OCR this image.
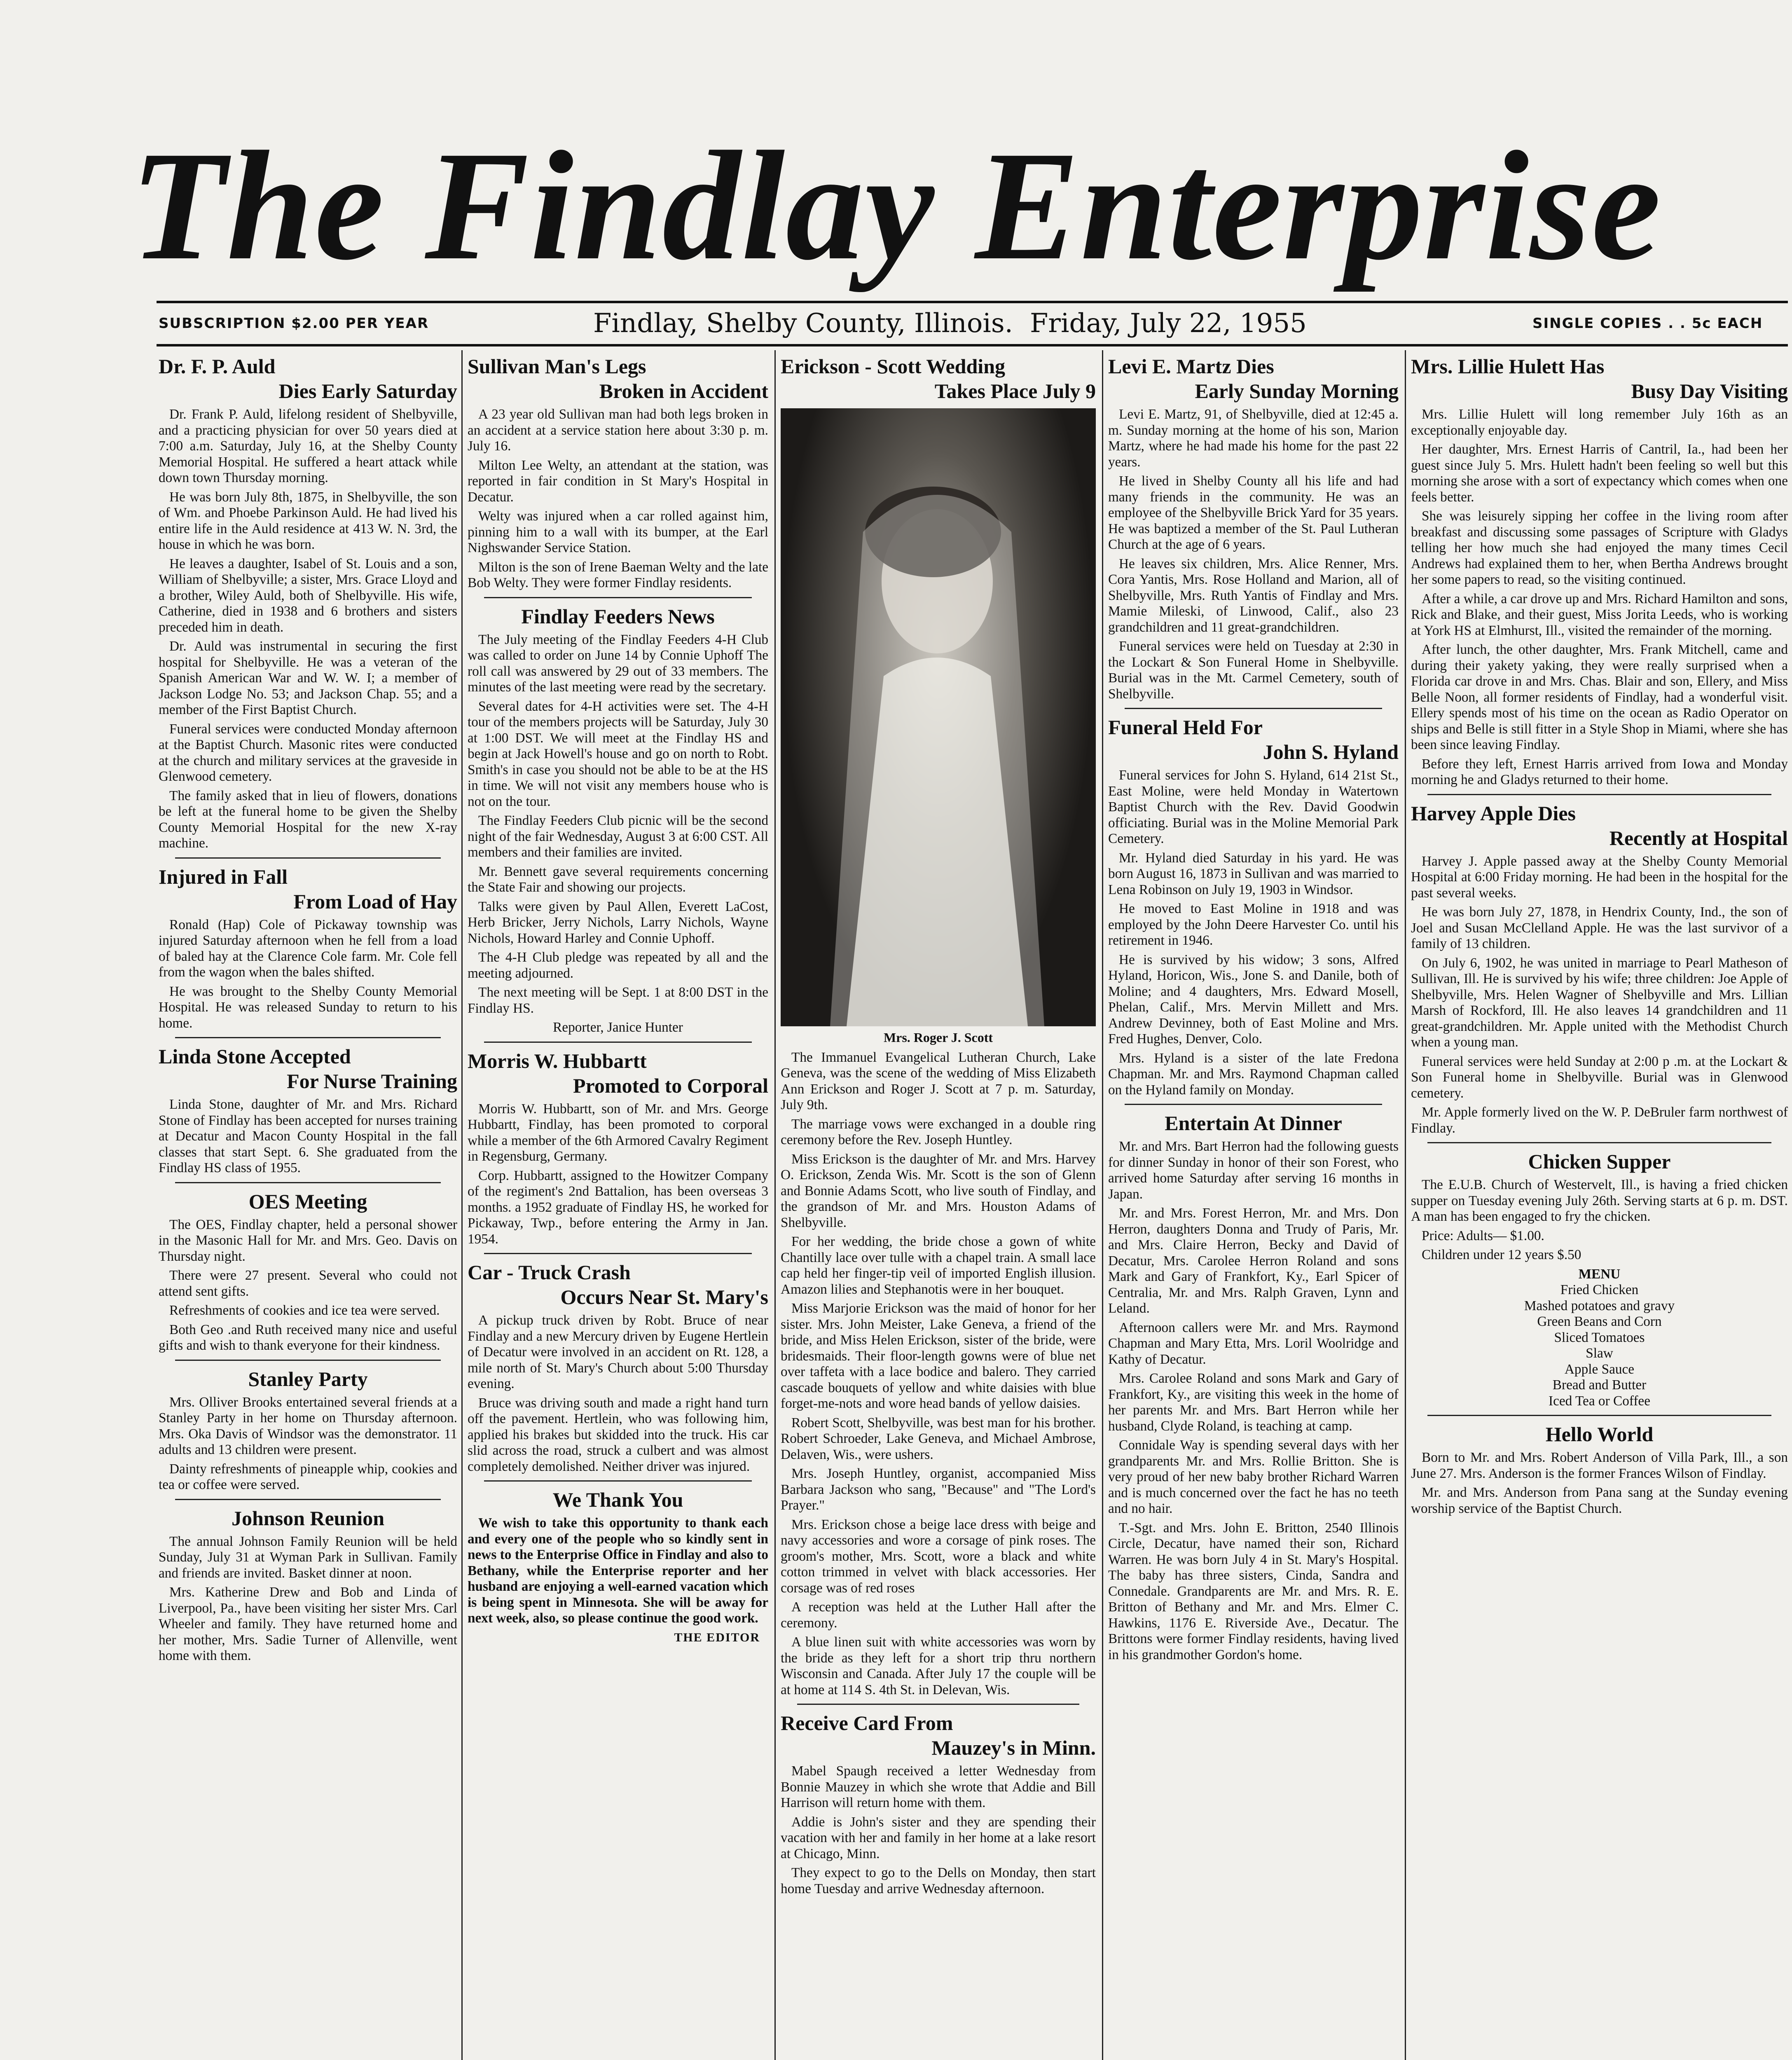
The Findlay Enterprise
SUBSCRIPTION $2.00 PER YEAR	Findlay, Shelby County, Illinois. Friday, July 22, 1955	SINGLE COPIES . . 5c EACH
Dr. F. P. Auld
Dies Early Saturday

Dr. Frank P. Auld, lifelong resident of Shelbyville, and a practicing physician for over 50 years died at 7:00 a.m. Saturday, July 16, at the Shelby County Memorial Hospital. He suffered a heart attack while down town Thursday morning.

He was born July 8th, 1875, in Shelbyville, the son of Wm. and Phoebe Parkinson Auld. He had lived his entire life in the Auld residence at 413 W. N. 3rd, the house in which he was born.

He leaves a daughter, Isabel of St. Louis and a son, William of Shelbyville; a sister, Mrs. Grace Lloyd and a brother, Wiley Auld, both of Shelbyville. His wife, Catherine, died in 1938 and 6 brothers and sisters preceded him in death.

Dr. Auld was instrumental in securing the first hospital for Shelbyville. He was a veteran of the Spanish American War and W. W. I; a member of Jackson Lodge No. 53; and Jackson Chap. 55; and a member of the First Baptist Church.

Funeral services were conducted Monday afternoon at the Baptist Church. Masonic rites were conducted at the church and military services at the graveside in Glenwood cemetery.

The family asked that in lieu of flowers, donations be left at the funeral home to be given the Shelby County Memorial Hospital for the new X-ray machine.

Injured in Fall
From Load of Hay

Ronald (Hap) Cole of Pickaway township was injured Saturday afternoon when he fell from a load of baled hay at the Clarence Cole farm. Mr. Cole fell from the wagon when the bales shifted.

He was brought to the Shelby County Memorial Hospital. He was released Sunday to return to his home.

Linda Stone Accepted
For Nurse Training

Linda Stone, daughter of Mr. and Mrs. Richard Stone of Findlay has been accepted for nurses training at Decatur and Macon County Hospital in the fall classes that start Sept. 6. She graduated from the Findlay HS class of 1955.

OES Meeting

The OES, Findlay chapter, held a personal shower in the Masonic Hall for Mr. and Mrs. Geo. Davis on Thursday night.

There were 27 present. Several who could not attend sent gifts.

Refreshments of cookies and ice tea were served.

Both Geo .and Ruth received many nice and useful gifts and wish to thank everyone for their kindness.

Stanley Party

Mrs. Olliver Brooks entertained several friends at a Stanley Party in her home on Thursday afternoon. Mrs. Oka Davis of Windsor was the demonstrator. 11 adults and 13 children were present.

Dainty refreshments of pineapple whip, cookies and tea or coffee were served.

Johnson Reunion

The annual Johnson Family Reunion will be held Sunday, July 31 at Wyman Park in Sullivan. Family and friends are invited. Basket dinner at noon.

Mrs. Katherine Drew and Bob and Linda of Liverpool, Pa., have been visiting her sister Mrs. Carl Wheeler and family. They have returned home and her mother, Mrs. Sadie Turner of Allenville, went home with them.

Sullivan Man's Legs
Broken in Accident

A 23 year old Sullivan man had both legs broken in an accident at a service station here about 3:30 p. m. July 16.

Milton Lee Welty, an attendant at the station, was reported in fair condition in St Mary's Hospital in Decatur.

Welty was injured when a car rolled against him, pinning him to a wall with its bumper, at the Earl Nighswander Service Station.

Milton is the son of Irene Baeman Welty and the late Bob Welty. They were former Findlay residents.

Findlay Feeders News

The July meeting of the Findlay Feeders 4-H Club was called to order on June 14 by Connie Uphoff The roll call was answered by 29 out of 33 members. The minutes of the last meeting were read by the secretary.

Several dates for 4-H activities were set. The 4-H tour of the members projects will be Saturday, July 30 at 1:00 DST. We will meet at the Findlay HS and begin at Jack Howell's house and go on north to Robt. Smith's in case you should not be able to be at the HS in time. We will not visit any members house who is not on the tour.

The Findlay Feeders Club picnic will be the second night of the fair Wednesday, August 3 at 6:00 CST. All members and their families are invited.

Mr. Bennett gave several requirements concerning the State Fair and showing our projects.

Talks were given by Paul Allen, Everett LaCost, Herb Bricker, Jerry Nichols, Larry Nichols, Wayne Nichols, Howard Harley and Connie Uphoff.

The 4-H Club pledge was repeated by all and the meeting adjourned.

The next meeting will be Sept. 1 at 8:00 DST in the Findlay HS.

Reporter, Janice Hunter

Morris W. Hubbartt
Promoted to Corporal

Morris W. Hubbartt, son of Mr. and Mrs. George Hubbartt, Findlay, has been promoted to corporal while a member of the 6th Armored Cavalry Regiment in Regensburg, Germany.

Corp. Hubbartt, assigned to the Howitzer Company of the regiment's 2nd Battalion, has been overseas 3 months. a 1952 graduate of Findlay HS, he worked for Pickaway, Twp., before entering the Army in Jan. 1954.

Car - Truck Crash
Occurs Near St. Mary's

A pickup truck driven by Robt. Bruce of near Findlay and a new Mercury driven by Eugene Hertlein of Decatur were involved in an accident on Rt. 128, a mile north of St. Mary's Church about 5:00 Thursday evening.

Bruce was driving south and made a right hand turn off the pavement. Hertlein, who was following him, applied his brakes but skidded into the truck. His car slid across the road, struck a culbert and was almost completely demolished. Neither driver was injured.

We Thank You

We wish to take this opportunity to thank each and every one of the people who so kindly sent in news to the Enterprise Office in Findlay and also to Bethany, while the Enterprise reporter and her husband are enjoying a well-earned vacation which is being spent in Minnesota. She will be away for next week, also, so please continue the good work.

THE EDITOR
Erickson - Scott Wedding
Takes Place July 9
Mrs. Roger J. Scott

The Immanuel Evangelical Lutheran Church, Lake Geneva, was the scene of the wedding of Miss Elizabeth Ann Erickson and Roger J. Scott at 7 p. m. Saturday, July 9th.

The marriage vows were exchanged in a double ring ceremony before the Rev. Joseph Huntley.

Miss Erickson is the daughter of Mr. and Mrs. Harvey O. Erickson, Zenda Wis. Mr. Scott is the son of Glenn and Bonnie Adams Scott, who live south of Findlay, and the grandson of Mr. and Mrs. Houston Adams of Shelbyville.

For her wedding, the bride chose a gown of white Chantilly lace over tulle with a chapel train. A small lace cap held her finger-tip veil of imported English illusion. Amazon lilies and Stephanotis were in her bouquet.

Miss Marjorie Erickson was the maid of honor for her sister. Mrs. John Meister, Lake Geneva, a friend of the bride, and Miss Helen Erickson, sister of the bride, were bridesmaids. Their floor-length gowns were of blue net over taffeta with a lace bodice and balero. They carried cascade bouquets of yellow and white daisies with blue forget-me-nots and wore head bands of yellow daisies.

Robert Scott, Shelbyville, was best man for his brother. Robert Schroeder, Lake Geneva, and Michael Ambrose, Delaven, Wis., were ushers.

Mrs. Joseph Huntley, organist, accompanied Miss Barbara Jackson who sang, "Because" and "The Lord's Prayer."

Mrs. Erickson chose a beige lace dress with beige and navy accessories and wore a corsage of pink roses. The groom's mother, Mrs. Scott, wore a black and white cotton trimmed in velvet with black accessories. Her corsage was of red roses

A reception was held at the Luther Hall after the ceremony.

A blue linen suit with white accessories was worn by the bride as they left for a short trip thru northern Wisconsin and Canada. After July 17 the couple will be at home at 114 S. 4th St. in Delevan, Wis.

Receive Card From
Mauzey's in Minn.

Mabel Spaugh received a letter Wednesday from Bonnie Mauzey in which she wrote that Addie and Bill Harrison will return home with them.

Addie is John's sister and they are spending their vacation with her and family in her home at a lake resort at Chicago, Minn.

They expect to go to the Dells on Monday, then start home Tuesday and arrive Wednesday afternoon.

Levi E. Martz Dies
Early Sunday Morning

Levi E. Martz, 91, of Shelbyville, died at 12:45 a. m. Sunday morning at the home of his son, Marion Martz, where he had made his home for the past 22 years.

He lived in Shelby County all his life and had many friends in the community. He was an employee of the Shelbyville Brick Yard for 35 years. He was baptized a member of the St. Paul Lutheran Church at the age of 6 years.

He leaves six children, Mrs. Alice Renner, Mrs. Cora Yantis, Mrs. Rose Holland and Marion, all of Shelbyville, Mrs. Ruth Yantis of Findlay and Mrs. Mamie Mileski, of Linwood, Calif., also 23 grandchildren and 11 great-grandchildren.

Funeral services were held on Tuesday at 2:30 in the Lockart & Son Funeral Home in Shelbyville. Burial was in the Mt. Carmel Cemetery, south of Shelbyville.

Funeral Held For
John S. Hyland

Funeral services for John S. Hyland, 614 21st St., East Moline, were held Monday in Watertown Baptist Church with the Rev. David Goodwin officiating. Burial was in the Moline Memorial Park Cemetery.

Mr. Hyland died Saturday in his yard. He was born August 16, 1873 in Sullivan and was married to Lena Robinson on July 19, 1903 in Windsor.

He moved to East Moline in 1918 and was employed by the John Deere Harvester Co. until his retirement in 1946.

He is survived by his widow; 3 sons, Alfred Hyland, Horicon, Wis., Jone S. and Danile, both of Moline; and 4 daughters, Mrs. Edward Mosell, Phelan, Calif., Mrs. Mervin Millett and Mrs. Andrew Devinney, both of East Moline and Mrs. Fred Hughes, Denver, Colo.

Mrs. Hyland is a sister of the late Fredona Chapman. Mr. and Mrs. Raymond Chapman called on the Hyland family on Monday.

Entertain At Dinner

Mr. and Mrs. Bart Herron had the following guests for dinner Sunday in honor of their son Forest, who arrived home Saturday after serving 16 months in Japan.

Mr. and Mrs. Forest Herron, Mr. and Mrs. Don Herron, daughters Donna and Trudy of Paris, Mr. and Mrs. Claire Herron, Becky and David of Decatur, Mrs. Carolee Herron Roland and sons Mark and Gary of Frankfort, Ky., Earl Spicer of Centralia, Mr. and Mrs. Ralph Graven, Lynn and Leland.

Afternoon callers were Mr. and Mrs. Raymond Chapman and Mary Etta, Mrs. Loril Woolridge and Kathy of Decatur.

Mrs. Carolee Roland and sons Mark and Gary of Frankfort, Ky., are visiting this week in the home of her parents Mr. and Mrs. Bart Herron while her husband, Clyde Roland, is teaching at camp.

Connidale Way is spending several days with her grandparents Mr. and Mrs. Rollie Britton. She is very proud of her new baby brother Richard Warren and is much concerned over the fact he has no teeth and no hair.

T.-Sgt. and Mrs. John E. Britton, 2540 Illinois Circle, Decatur, have named their son, Richard Warren. He was born July 4 in St. Mary's Hospital. The baby has three sisters, Cinda, Sandra and Connedale. Grandparents are Mr. and Mrs. R. E. Britton of Bethany and Mr. and Mrs. Elmer C. Hawkins, 1176 E. Riverside Ave., Decatur. The Brittons were former Findlay residents, having lived in his grandmother Gordon's home.

Mrs. Lillie Hulett Has
Busy Day Visiting

Mrs. Lillie Hulett will long remember July 16th as an exceptionally enjoyable day.

Her daughter, Mrs. Ernest Harris of Cantril, Ia., had been her guest since July 5. Mrs. Hulett hadn't been feeling so well but this morning she arose with a sort of expectancy which comes when one feels better.

She was leisurely sipping her coffee in the living room after breakfast and discussing some passages of Scripture with Gladys telling her how much she had enjoyed the many times Cecil Andrews had explained them to her, when Bertha Andrews brought her some papers to read, so the visiting continued.

After a while, a car drove up and Mrs. Richard Hamilton and sons, Rick and Blake, and their guest, Miss Jorita Leeds, who is working at York HS at Elmhurst, Ill., visited the remainder of the morning.

After lunch, the other daughter, Mrs. Frank Mitchell, came and during their yakety yaking, they were really surprised when a Florida car drove in and Mrs. Chas. Blair and son, Ellery, and Miss Belle Noon, all former residents of Findlay, had a wonderful visit. Ellery spends most of his time on the ocean as Radio Operator on ships and Belle is still fitter in a Style Shop in Miami, where she has been since leaving Findlay.

Before they left, Ernest Harris arrived from Iowa and Monday morning he and Gladys returned to their home.

Harvey Apple Dies
Recently at Hospital

Harvey J. Apple passed away at the Shelby County Memorial Hospital at 6:00 Friday morning. He had been in the hospital for the past several weeks.

He was born July 27, 1878, in Hendrix County, Ind., the son of Joel and Susan McClelland Apple. He was the last survivor of a family of 13 children.

On July 6, 1902, he was united in marriage to Pearl Matheson of Sullivan, Ill. He is survived by his wife; three children: Joe Apple of Shelbyville, Mrs. Helen Wagner of Shelbyville and Mrs. Lillian Marsh of Rockford, Ill. He also leaves 14 grandchildren and 11 great-grandchildren. Mr. Apple united with the Methodist Church when a young man.

Funeral services were held Sunday at 2:00 p .m. at the Lockart & Son Funeral home in Shelbyville. Burial was in Glenwood cemetery.

Mr. Apple formerly lived on the W. P. DeBruler farm northwest of Findlay.

Chicken Supper

The E.U.B. Church of Westervelt, Ill., is having a fried chicken supper on Tuesday evening July 26th. Serving starts at 6 p. m. DST. A man has been engaged to fry the chicken.

Price: Adults— $1.00.

Children under 12 years $.50

MENU
Fried Chicken
Mashed potatoes and gravy
Green Beans and Corn
Sliced Tomatoes
Slaw
Apple Sauce
Bread and Butter
Iced Tea or Coffee
Hello World

Born to Mr. and Mrs. Robert Anderson of Villa Park, Ill., a son June 27. Mrs. Anderson is the former Frances Wilson of Findlay.

Mr. and Mrs. Anderson from Pana sang at the Sunday evening worship service of the Baptist Church.
